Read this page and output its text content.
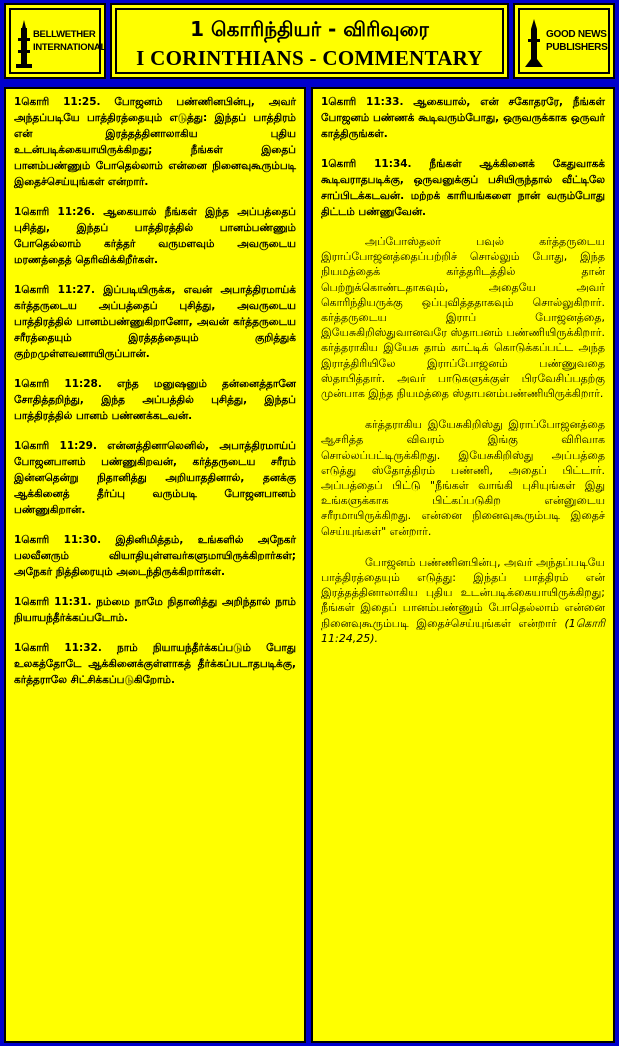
BELLWETHER
INTERNATIONAL
1 கொரிந்தியர் - விரிவுரை
I CORINTHIANS - COMMENTARY
GOOD NEWS
PUBLISHERS

1கொரி 11:25. போஜனம் பண்ணினபின்பு, அவர் அந்தப்படியே பாத்திரத்தையும் எடுத்து: இந்தப் பாத்திரம் என் இரத்தத்தினாலாகிய புதிய உடன்படிக்கையாயிருக்கிறது; நீங்கள் இதைப் பானம்பண்ணும் போதெல்லாம் என்னை நினைவுகூரும்படி இதைச்செய்யுங்கள் என்றார்.

1கொரி 11:26. ஆகையால் நீங்கள் இந்த அப்பத்தைப் புசித்து, இந்தப் பாத்திரத்தில் பானம்பண்ணும் போதெல்லாம் கர்த்தர் வருமளவும் அவருடைய மரணத்தைத் தெரிவிக்கிறீர்கள்.

1கொரி 11:27. இப்படியிருக்க, எவன் அபாத்திரமாய்க் கர்த்தருடைய அப்பத்தைப் புசித்து, அவருடைய பாத்திரத்தில் பானம்பண்ணுகிறானோ, அவன் கர்த்தருடைய சரீரத்தையும் இரத்தத்தையும் குறித்துக் குற்றமுள்ளவனாயிருப்பான்.

1கொரி 11:28. எந்த மனுஷனும் தன்னைத்தானே சோதித்தறிந்து, இந்த அப்பத்தில் புசித்து, இந்தப் பாத்திரத்தில் பானம் பண்ணக்கடவன்.

1கொரி 11:29. என்னத்தினாலெனில், அபாத்திரமாய்ப் போஜனபானம் பண்ணுகிறவன், கர்த்தருடைய சரீரம் இன்னதென்று நிதானித்து அறியாததினால், தனக்கு ஆக்கினைத் தீர்ப்பு வரும்படி போஜனபானம் பண்ணுகிறான்.

1கொரி 11:30. இதினிமித்தம், உங்களில் அநேகர் பலவீனரும் வியாதியுள்ளவர்களுமாயிருக்கிறார்கள்; அநேகர் நித்திரையும் அடைந்திருக்கிறார்கள்.

1கொரி 11:31. நம்மை நாமே நிதானித்து அறிந்தால் நாம் நியாயந்தீர்க்கப்படோம்.

1கொரி 11:32. நாம் நியாயந்தீர்க்கப்படும் போது உலகத்தோடே ஆக்கினைக்குள்ளாகத் தீர்க்கப்படாதபடிக்கு, கர்த்தராலே சிட்சிக்கப்படுகிறோம்.

1கொரி 11:33. ஆகையால், என் சகோதரரே, நீங்கள் போஜனம் பண்ணக் கூடிவரும்போது, ஒருவருக்காக ஒருவர் காத்திருங்கள்.

1கொரி 11:34. நீங்கள் ஆக்கினைக் கேதுவாகக் கூடிவராதபடிக்கு, ஒருவனுக்குப் பசியிருந்தால் வீட்டிலே சாப்பிடக்கடவன். மற்றக் காரியங்களை நான் வரும்போது திட்டம் பண்ணுவேன்.

அப்போஸ்தலர் பவுல் கர்த்தருடைய இராப்போஜனத்தைப்பற்றிச் சொல்லும் போது, இந்த நியமத்தைக் கர்த்தரிடத்தில் தான் பெற்றுக்கொண்டதாகவும், அதையே அவர் கொரிந்தியருக்கு ஒப்புவித்ததாகவும் சொல்லுகிறார். கர்த்தருடைய இராப் போஜனத்தை, இயேசுகிறிஸ்துவானவரே ஸ்தாபனம் பண்ணியிருக்கிறார். கர்த்தராகிய இயேசு தாம் காட்டிக் கொடுக்கப்பட்ட அந்த இராத்திரியிலே இராப்போஜனம் பண்ணுவதை ஸ்தாபித்தார். அவர் பாடுகளுக்குள் பிரவேசிப்பதற்கு முன்பாக இந்த நியமத்தை ஸ்தாபனம்பண்ணியிருக்கிறார்.

கர்த்தராகிய இயேசுகிறிஸ்து இராப்போஜனத்தை ஆசரித்த விவரம் இங்கு விரிவாக சொல்லப்பட்டிருக்கிறது. இயேசுகிறிஸ்து அப்பத்தை எடுத்து ஸ்தோத்திரம் பண்ணி, அதைப் பிட்டார். அப்பத்தைப் பிட்டு "நீங்கள் வாங்கி புசியுங்கள் இது உங்களுக்காக பிட்கப்படுகிற என்னுடைய சரீரமாயிருக்கிறது. என்னை நினைவுகூரும்படி இதைச் செய்யுங்கள்" என்றார்.

போஜனம் பண்ணினபின்பு, அவர் அந்தப்படியே பாத்திரத்தையும் எடுத்து: இந்தப் பாத்திரம் என் இரத்தத்தினாலாகிய புதிய உடன்படிக்கையாயிருக்கிறது; நீங்கள் இதைப் பானம்பண்ணும் போதெல்லாம் என்னை நினைவுகூரும்படி இதைச்செய்யுங்கள் என்றார் (1கொரி 11:24,25).
